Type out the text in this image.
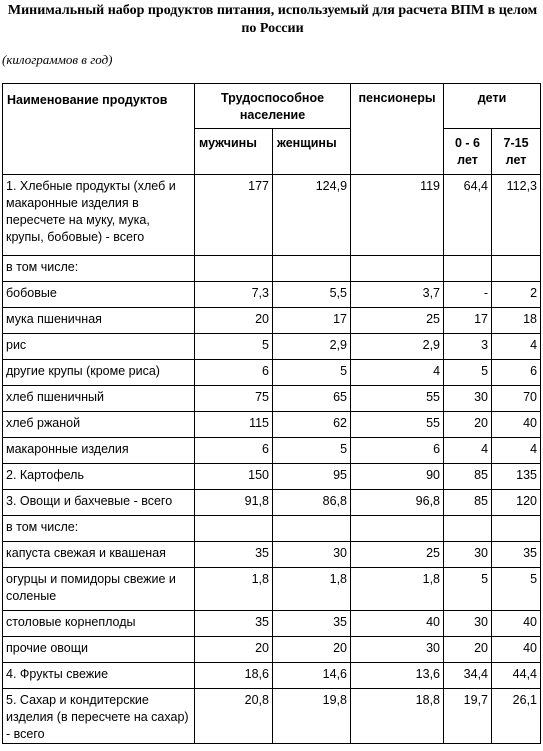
Минимальный набор продуктов питания, используемый для расчета ВПМ в целом по России
(килограммов в год)
Наименование продуктов	Трудоспособное население		пенсионеры	дети	
	мужчины	женщины		0 - 6 лет	7-15 лет
1. Хлебные продукты (хлеб и макаронные изделия в пересчете на муку, мука, крупы, бобовые) - всего	177	124,9	119	64,4	112,3
в том числе:					
бобовые	7,3	5,5	3,7	-	2
мука пшеничная	20	17	25	17	18
рис	5	2,9	2,9	3	4
другие крупы (кроме риса)	6	5	4	5	6
хлеб пшеничный	75	65	55	30	70
хлеб ржаной	115	62	55	20	40
макаронные изделия	6	5	6	4	4
2. Картофель	150	95	90	85	135
3. Овощи и бахчевые - всего	91,8	86,8	96,8	85	120
в том числе:					
капуста свежая и квашеная	35	30	25	30	35
огурцы и помидоры свежие и соленые	1,8	1,8	1,8	5	5
столовые корнеплоды	35	35	40	30	40
прочие овощи	20	20	30	20	40
4. Фрукты свежие	18,6	14,6	13,6	34,4	44,4
5. Сахар и кондитерские изделия (в пересчете на сахар) - всего	20,8	19,8	18,8	19,7	26,1
